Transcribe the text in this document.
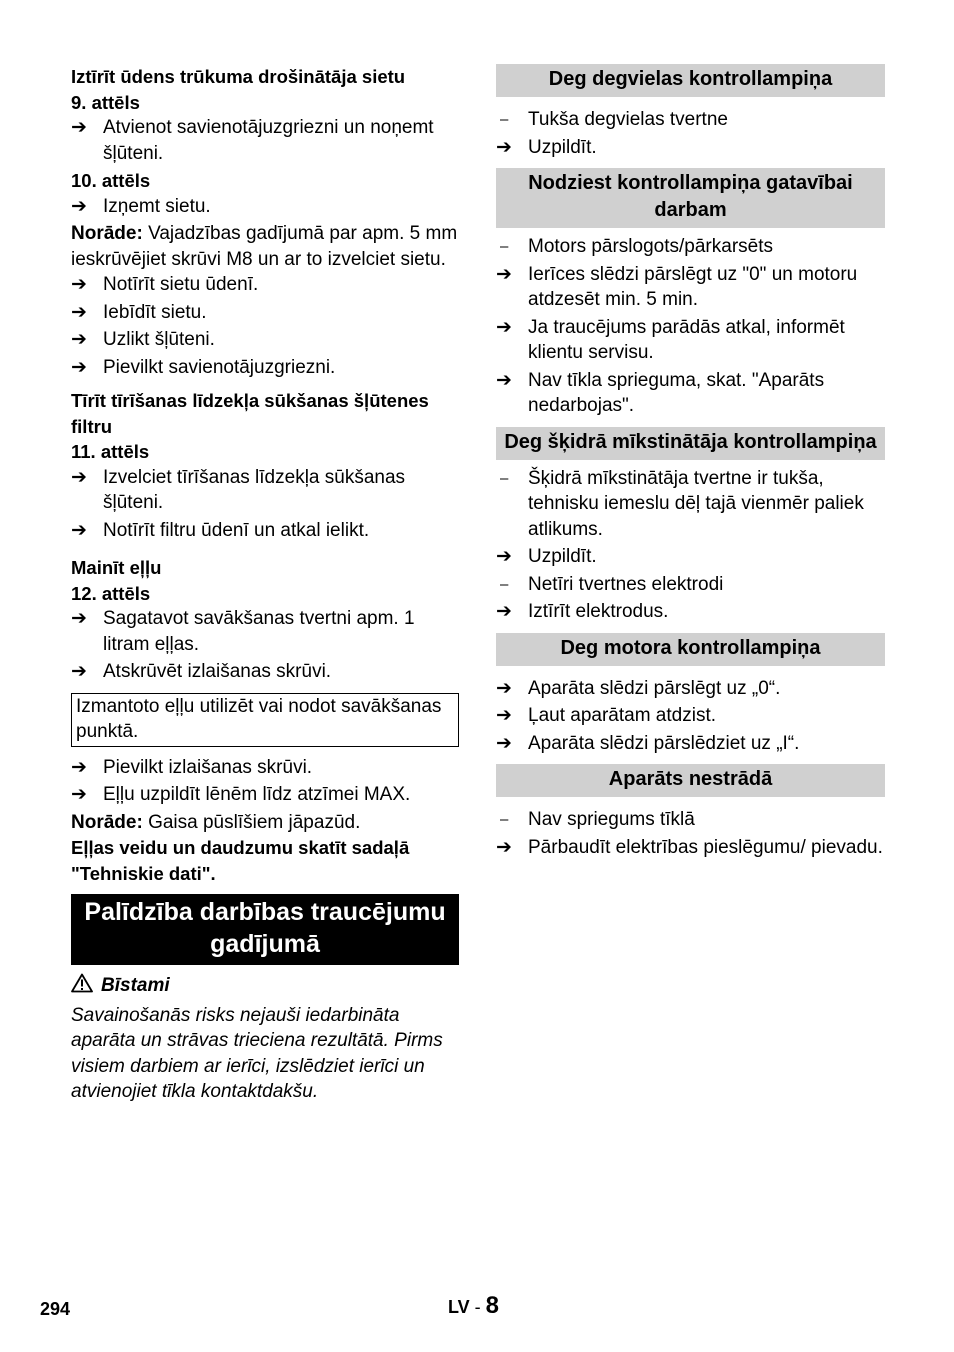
Iztīrīt ūdens trūkuma drošinātāja sietu
9. attēls
➔ Atvienot savienotājuzgriezni un noņemt šļūteni.
10. attēls
➔ Izņemt sietu.
Norāde: Vajadzības gadījumā par apm. 5 mm ieskrūvējiet skrūvi M8 un ar to izvelciet sietu.
➔ Notīrīt sietu ūdenī.
➔ Iebīdīt sietu.
➔ Uzlikt šļūteni.
➔ Pievilkt savienotājuzgriezni.
Tīrīt tīrīšanas līdzekļa sūkšanas šļūtenes filtru
11. attēls
➔ Izvelciet tīrīšanas līdzekļa sūkšanas šļūteni.
➔ Notīrīt filtru ūdenī un atkal ielikt.
Mainīt eļļu
12. attēls
➔ Sagatavot savākšanas tvertni apm. 1 litram eļļas.
➔ Atskrūvēt izlaišanas skrūvi.
Izmantoto eļļu utilizēt vai nodot savākšanas punktā.
➔ Pievilkt izlaišanas skrūvi.
➔ Eļļu uzpildīt lēnēm līdz atzīmei MAX.
Norāde: Gaisa pūslīšiem jāpazūd.
Eļļas veidu un daudzumu skatīt sadaļā "Tehniskie dati".
Palīdzība darbības traucējumu gadījumā
Bīstami
Savainošanās risks nejauši iedarbināta aparāta un strāvas trieciena rezultātā. Pirms visiem darbiem ar ierīci, izslēdziet ierīci un atvienojiet tīkla kontaktdakšu.
Deg degvielas kontrollampiņa
–	Tukša degvielas tvertne
➔ Uzpildīt.
Nodziest kontrollampiņa gatavībai darbam
–	Motors pārslogots/pārkarsēts
➔ Ierīces slēdzi pārslēgt uz "0" un motoru atdzesēt min. 5 min.
➔ Ja traucējums parādās atkal, informēt klientu servisu.
➔ Nav tīkla sprieguma, skat. "Aparāts nedarbojas".
Deg šķidrā mīkstinātāja kontrollampiņa
–	Šķidrā mīkstinātāja tvertne ir tukša, tehnisku iemeslu dēļ tajā vienmēr paliek atlikums.
➔ Uzpildīt.
–	Netīri tvertnes elektrodi
➔ Iztīrīt elektrodus.
Deg motora kontrollampiņa
➔ Aparāta slēdzi pārslēgt uz „0“.
➔ Ļaut aparātam atdzist.
➔ Aparāta slēdzi pārslēdziet uz „I“.
Aparāts nestrādā
–	Nav spriegums tīklā
➔ Pārbaudīt elektrības pieslēgumu/ pievadu.
294	LV - 8
